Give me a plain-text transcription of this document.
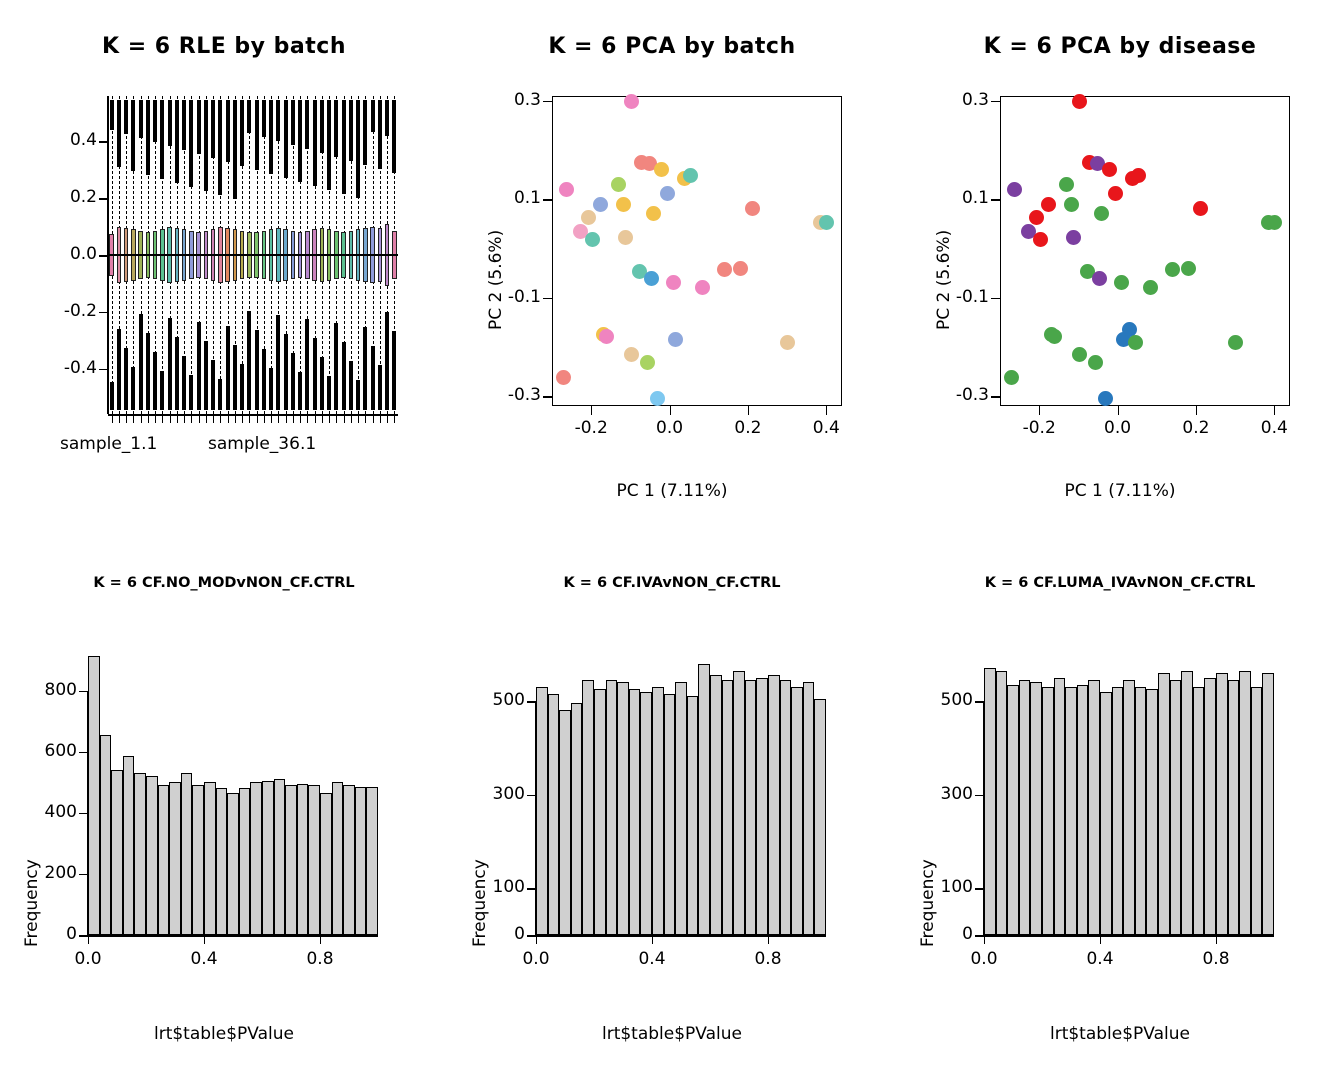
K = 6 RLE by batch
-0.4
-0.2
0.0
0.2
0.4
sample_1.1	sample_36.1
K = 6 PCA by batch
-0.2	0.0	0.2	0.4
-0.3
-0.1
0.1
0.3
PC 2 (5.6%)
PC 1 (7.11%)
K = 6 PCA by disease
-0.2	0.0	0.2	0.4
-0.3
-0.1
0.1
0.3
PC 2 (5.6%)
PC 1 (7.11%)
K = 6 CF.NO_MODvNON_CF.CTRL
0
200
400
600
800
0.0	0.4	0.8
Frequency
lrt$table$PValue
K = 6 CF.IVAvNON_CF.CTRL
0
100
300
500
0.0	0.4	0.8
Frequency
lrt$table$PValue
K = 6 CF.LUMA_IVAvNON_CF.CTRL
0
100
300
500
0.0	0.4	0.8
Frequency
lrt$table$PValue
